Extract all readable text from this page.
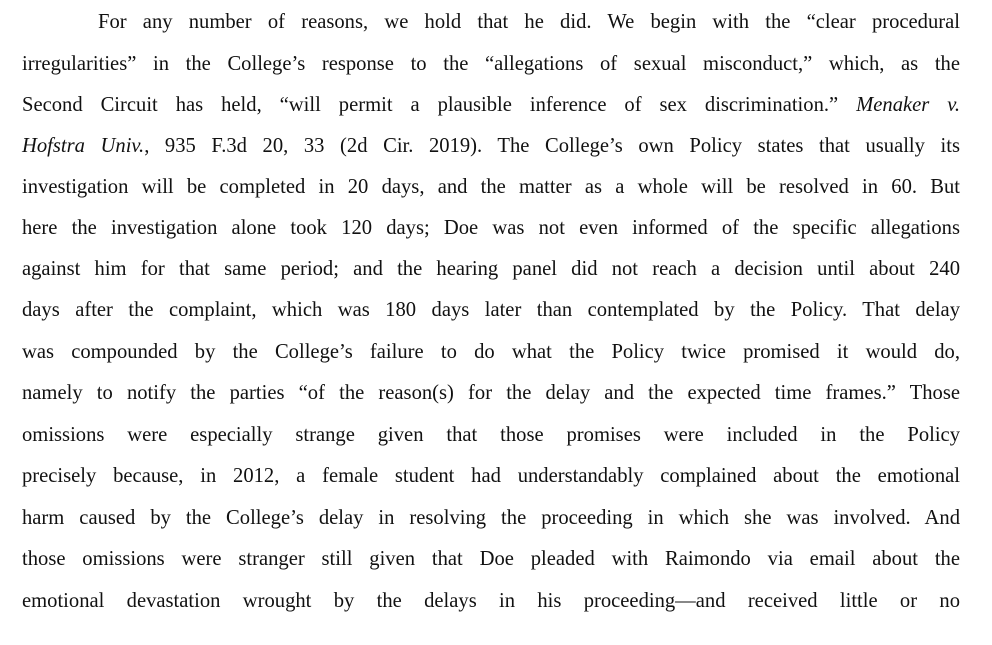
For any number of reasons, we hold that he did. We begin with the “clear procedural
irregularities” in the College’s response to the “allegations of sexual misconduct,” which, as the
Second Circuit has held, “will permit a plausible inference of sex discrimination.” Menaker v.
Hofstra Univ., 935 F.3d 20, 33 (2d Cir. 2019). The College’s own Policy states that usually its
investigation will be completed in 20 days, and the matter as a whole will be resolved in 60. But
here the investigation alone took 120 days; Doe was not even informed of the specific allegations
against him for that same period; and the hearing panel did not reach a decision until about 240
days after the complaint, which was 180 days later than contemplated by the Policy. That delay
was compounded by the College’s failure to do what the Policy twice promised it would do,
namely to notify the parties “of the reason(s) for the delay and the expected time frames.” Those
omissions were especially strange given that those promises were included in the Policy
precisely because, in 2012, a female student had understandably complained about the emotional
harm caused by the College’s delay in resolving the proceeding in which she was involved. And
those omissions were stranger still given that Doe pleaded with Raimondo via email about the
emotional devastation wrought by the delays in his proceeding—and received little or no
